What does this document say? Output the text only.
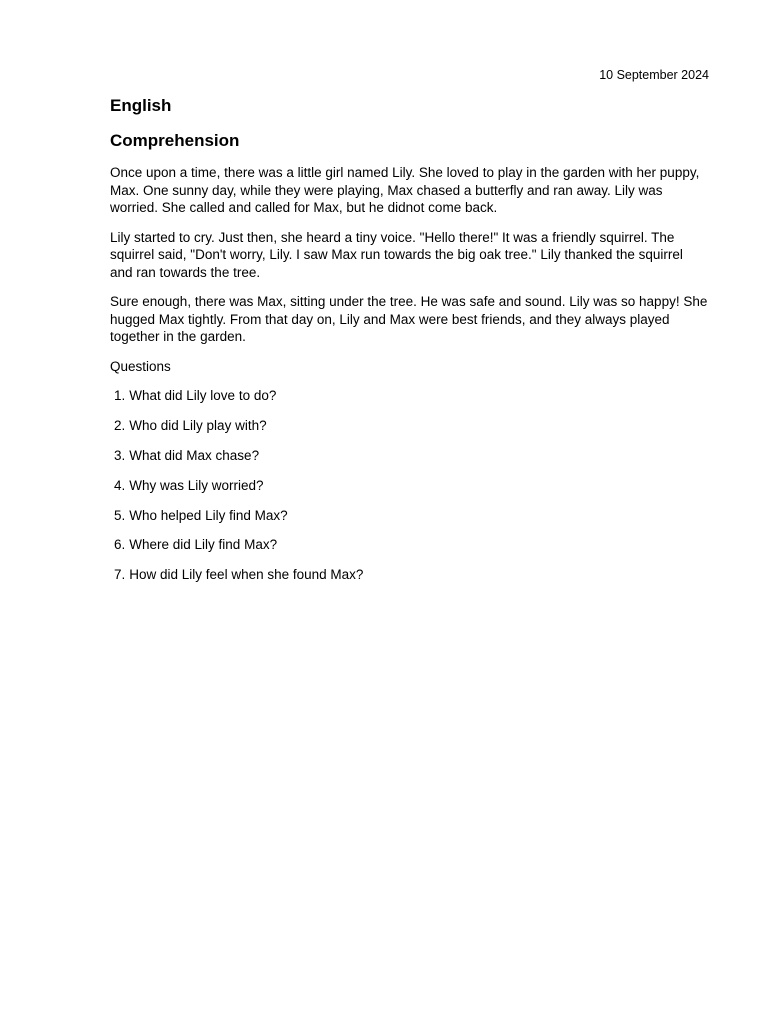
10 September 2024

English
Comprehension

Once upon a time, there was a little girl named Lily. She loved to play in the garden with her puppy, Max. One sunny day, while they were playing, Max chased a butterfly and ran away. Lily was worried. She called and called for Max, but he didnot come back.

Lily started to cry. Just then, she heard a tiny voice. "Hello there!" It was a friendly squirrel. The squirrel said, "Don't worry, Lily. I saw Max run towards the big oak tree." Lily thanked the squirrel and ran towards the tree.

Sure enough, there was Max, sitting under the tree. He was safe and sound. Lily was so happy! She hugged Max tightly. From that day on, Lily and Max were best friends, and they always played together in the garden.

Questions

1. What did Lily love to do?
2. Who did Lily play with?
3. What did Max chase?
4. Why was Lily worried?
5. Who helped Lily find Max?
6. Where did Lily find Max?
7. How did Lily feel when she found Max?
